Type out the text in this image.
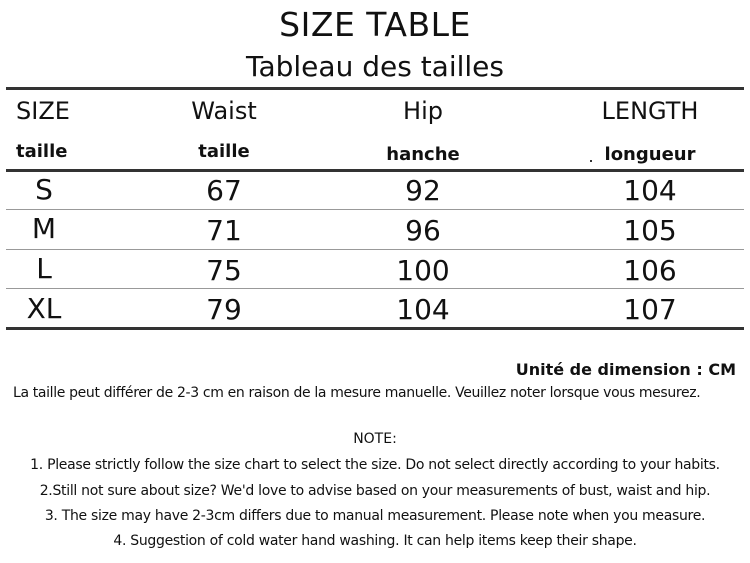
SIZE TABLE
Tableau des tailles
SIZE	Waist	Hip	LENGTH
taille	taille	hanche	longueur
S	67	92	104
M	71	96	105
L	75	100	106
XL	79	104	107
Unité de dimension : CM
La taille peut différer de 2-3 cm en raison de la mesure manuelle. Veuillez noter lorsque vous mesurez.
NOTE:
1. Please strictly follow the size chart to select the size. Do not select directly according to your habits.
2.Still not sure about size? We'd love to advise based on your measurements of bust, waist and hip.
3. The size may have 2-3cm differs due to manual measurement. Please note when you measure.
4. Suggestion of cold water hand washing. It can help items keep their shape.
